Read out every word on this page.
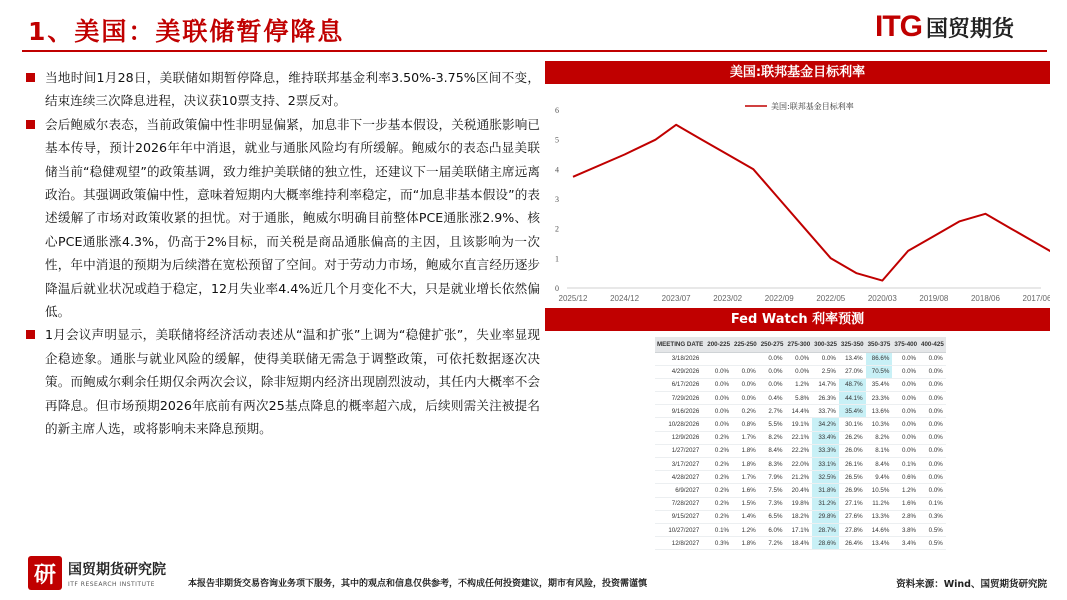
1、美国：美联储暂停降息	ITG 国贸期货
当地时间1月28日，美联储如期暂停降息，维持联邦基金利率3.50%-3.75%区间不变，结束连续三次降息进程，决议获10票支持、2票反对。
会后鲍威尔表态，当前政策偏中性非明显偏紧，加息非下一步基本假设，关税通胀影响已基本传导，预计2026年年中消退，就业与通胀风险均有所缓解。鲍威尔的表态凸显美联储当前“稳健观望”的政策基调，致力维护美联储的独立性，还建议下一届美联储主席远离政治。其强调政策偏中性，意味着短期内大概率维持利率稳定，而“加息非基本假设”的表述缓解了市场对政策收紧的担忧。对于通胀，鲍威尔明确目前整体PCE通胀涨2.9%、核心PCE通胀涨4.3%，仍高于2%目标，而关税是商品通胀偏高的主因，且该影响为一次性，年中消退的预期为后续潜在宽松预留了空间。对于劳动力市场，鲍威尔直言经历逐步降温后就业状况或趋于稳定，12月失业率4.4%近几个月变化不大，只是就业增长依然偏低。
1月会议声明显示，美联储将经济活动表述从“温和扩张”上调为“稳健扩张”，失业率显现企稳迹象。通胀与就业风险的缓解，使得美联储无需急于调整政策，可依托数据逐次决策。而鲍威尔剩余任期仅余两次会议，除非短期内经济出现剧烈波动，其任内大概率不会再降息。但市场预期2026年底前有两次25基点降息的概率超六成，后续则需关注被提名的新主席人选，或将影响未来降息预期。
美国:联邦基金目标利率
0
1
2
3
4
5
6
2025/12	2024/12	2023/07	2023/02	2022/09	2022/05	2020/03	2019/08	2018/06	2017/06
美国:联邦基金目标利率
Fed Watch 利率预测
MEETING DATE	200-225	225-250	250-275	275-300	300-325	325-350	350-375	375-400	400-425
3/18/2026			0.0%	0.0%	0.0%	13.4%	86.6%	0.0%	0.0%
4/29/2026	0.0%	0.0%	0.0%	0.0%	2.5%	27.0%	70.5%	0.0%	0.0%
6/17/2026	0.0%	0.0%	0.0%	1.2%	14.7%	48.7%	35.4%	0.0%	0.0%
7/29/2026	0.0%	0.0%	0.4%	5.8%	26.3%	44.1%	23.3%	0.0%	0.0%
9/16/2026	0.0%	0.2%	2.7%	14.4%	33.7%	35.4%	13.6%	0.0%	0.0%
10/28/2026	0.0%	0.8%	5.5%	19.1%	34.2%	30.1%	10.3%	0.0%	0.0%
12/9/2026	0.2%	1.7%	8.2%	22.1%	33.4%	26.2%	8.2%	0.0%	0.0%
1/27/2027	0.2%	1.8%	8.4%	22.2%	33.3%	26.0%	8.1%	0.0%	0.0%
3/17/2027	0.2%	1.8%	8.3%	22.0%	33.1%	26.1%	8.4%	0.1%	0.0%
4/28/2027	0.2%	1.7%	7.9%	21.2%	32.5%	26.5%	9.4%	0.6%	0.0%
6/9/2027	0.2%	1.6%	7.5%	20.4%	31.8%	26.9%	10.5%	1.2%	0.0%
7/28/2027	0.2%	1.5%	7.3%	19.8%	31.2%	27.1%	11.2%	1.6%	0.1%
9/15/2027	0.2%	1.4%	6.5%	18.2%	29.8%	27.6%	13.3%	2.8%	0.3%
10/27/2027	0.1%	1.2%	6.0%	17.1%	28.7%	27.8%	14.6%	3.8%	0.5%
12/8/2027	0.3%	1.8%	7.2%	18.4%	28.6%	26.4%	13.4%	3.4%	0.5%
研 国贸期货研究院
ITF RESEARCH INSTITUTE	本报告非期货交易咨询业务项下服务，其中的观点和信息仅供参考，不构成任何投资建议，期市有风险，投资需谨慎	资料来源：Wind、国贸期货研究院
